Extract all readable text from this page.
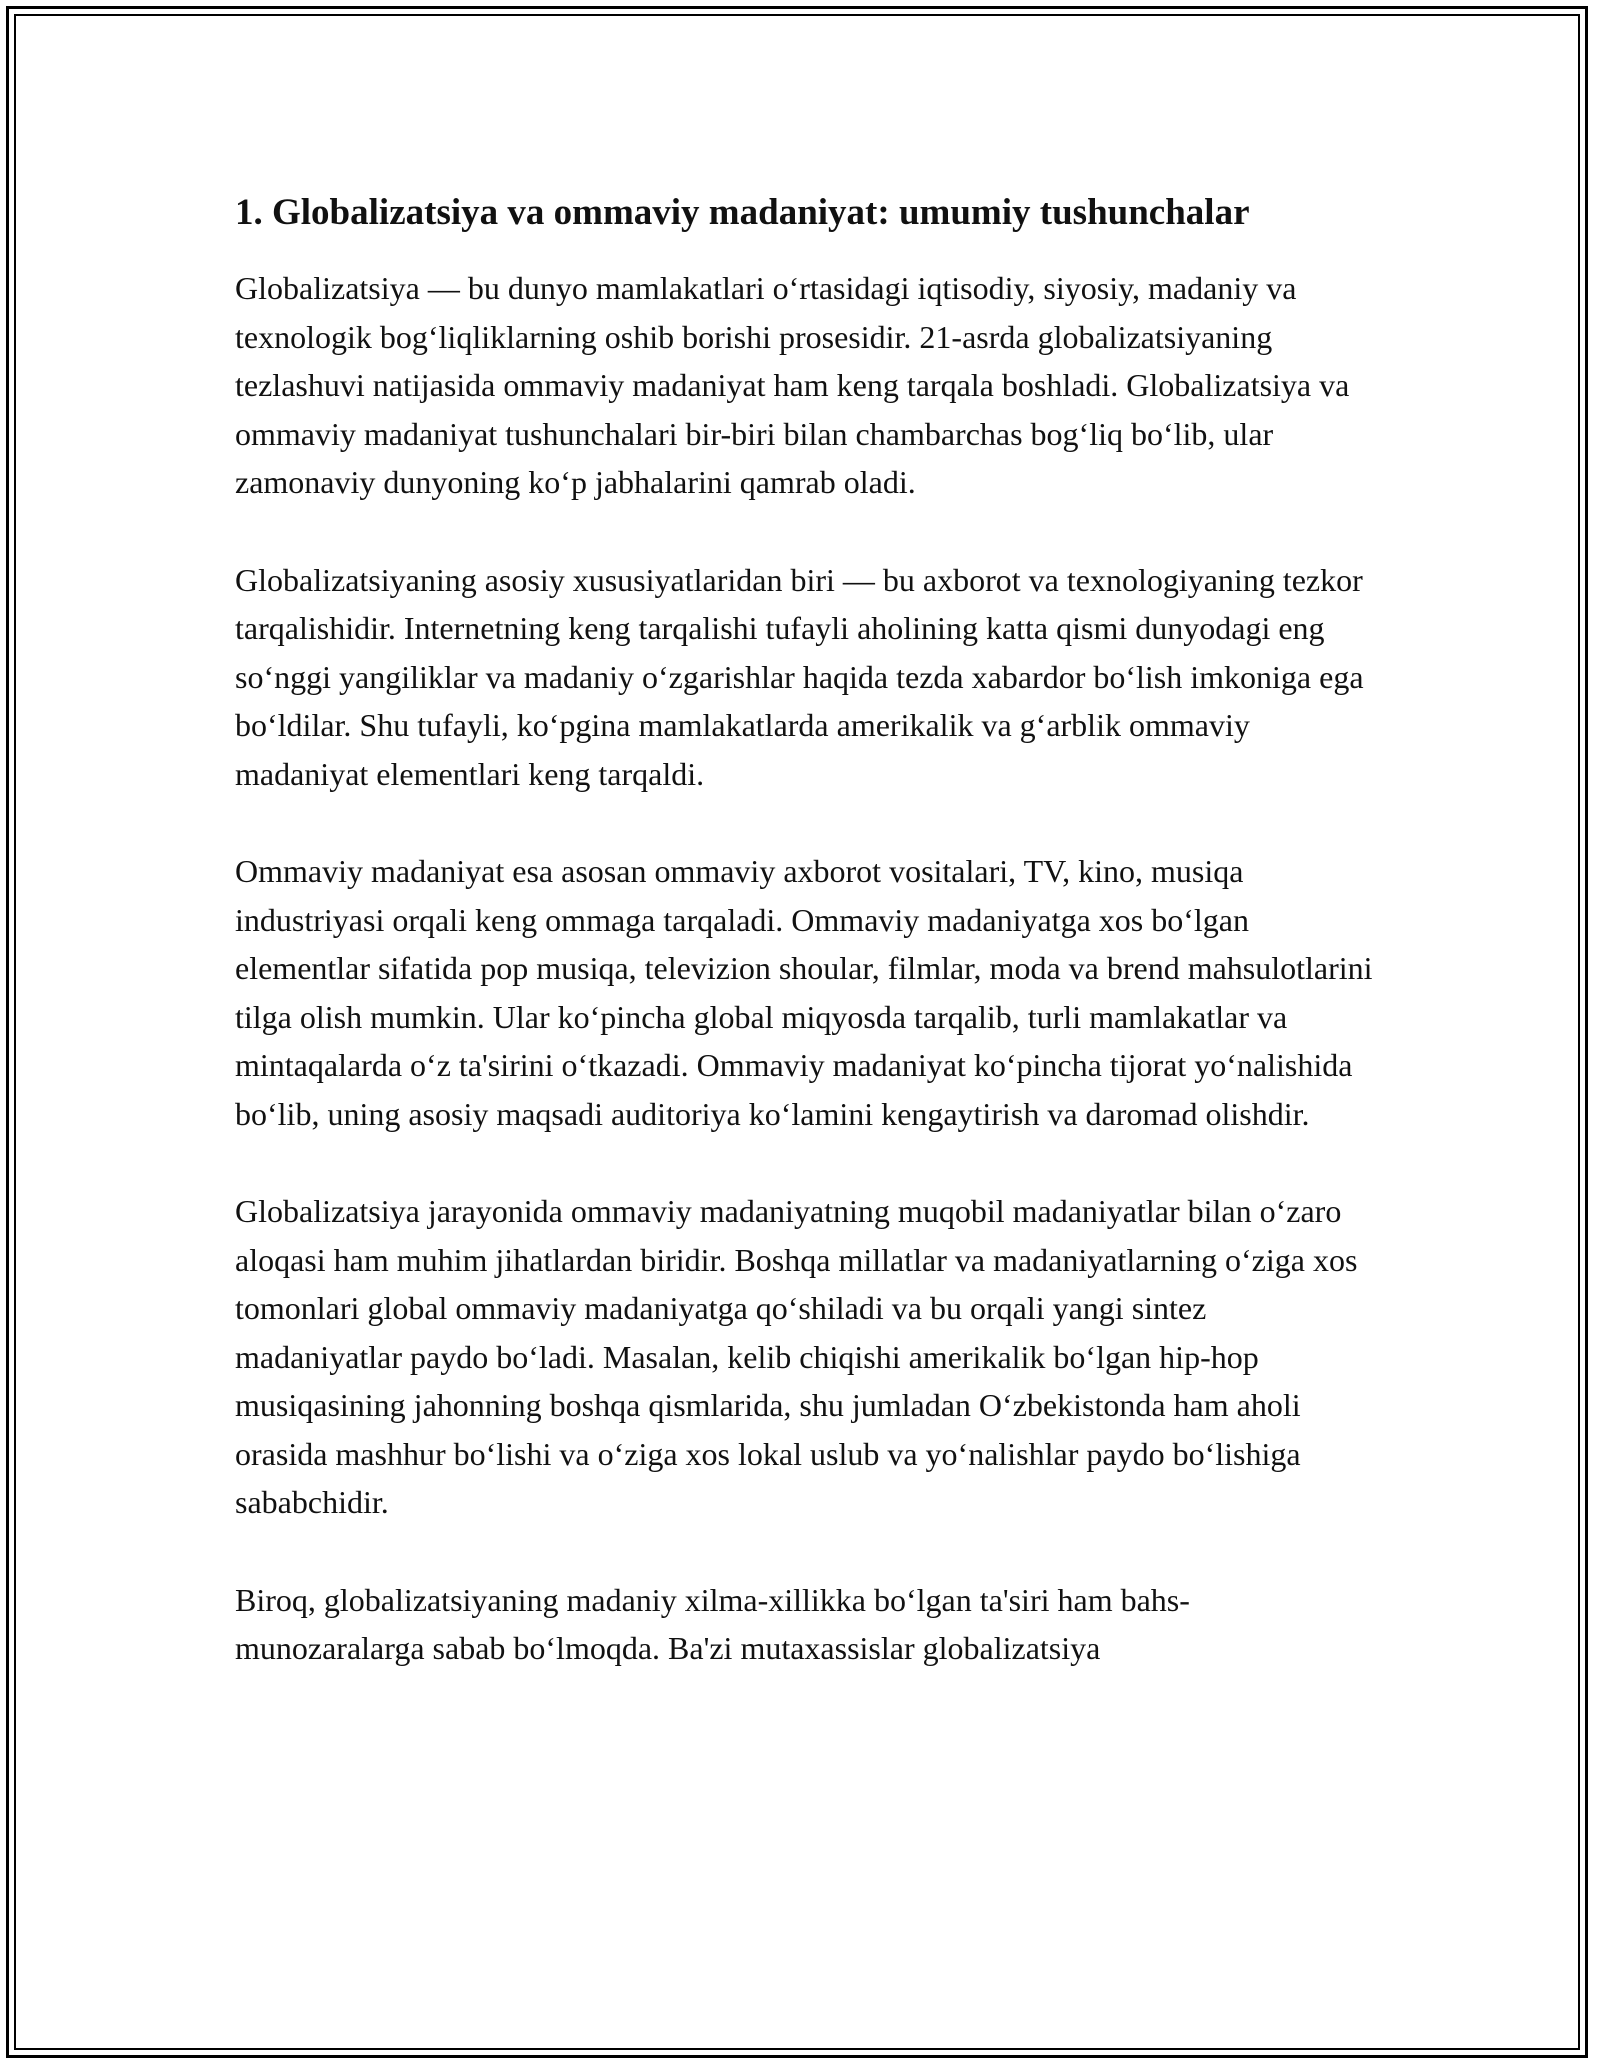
1. Globalizatsiya va ommaviy madaniyat: umumiy tushunchalar

Globalizatsiya — bu dunyo mamlakatlari o‘rtasidagi iqtisodiy, siyosiy, madaniy va texnologik bog‘liqliklarning oshib borishi prosesidir. 21-asrda globalizatsiyaning tezlashuvi natijasida ommaviy madaniyat ham keng tarqala boshladi. Globalizatsiya va ommaviy madaniyat tushunchalari bir-biri bilan chambarchas bog‘liq bo‘lib, ular zamonaviy dunyoning ko‘p jabhalarini qamrab oladi.

Globalizatsiyaning asosiy xususiyatlaridan biri — bu axborot va texnologiyaning tezkor tarqalishidir. Internetning keng tarqalishi tufayli aholining katta qismi dunyodagi eng so‘nggi yangiliklar va madaniy o‘zgarishlar haqida tezda xabardor bo‘lish imkoniga ega bo‘ldilar. Shu tufayli, ko‘pgina mamlakatlarda amerikalik va g‘arblik ommaviy madaniyat elementlari keng tarqaldi.

Ommaviy madaniyat esa asosan ommaviy axborot vositalari, TV, kino, musiqa industriyasi orqali keng ommaga tarqaladi. Ommaviy madaniyatga xos bo‘lgan elementlar sifatida pop musiqa, televizion shoular, filmlar, moda va brend mahsulotlarini tilga olish mumkin. Ular ko‘pincha global miqyosda tarqalib, turli mamlakatlar va mintaqalarda o‘z ta'sirini o‘tkazadi. Ommaviy madaniyat ko‘pincha tijorat yo‘nalishida bo‘lib, uning asosiy maqsadi auditoriya ko‘lamini kengaytirish va daromad olishdir.

Globalizatsiya jarayonida ommaviy madaniyatning muqobil madaniyatlar bilan o‘zaro aloqasi ham muhim jihatlardan biridir. Boshqa millatlar va madaniyatlarning o‘ziga xos tomonlari global ommaviy madaniyatga qo‘shiladi va bu orqali yangi sintez madaniyatlar paydo bo‘ladi. Masalan, kelib chiqishi amerikalik bo‘lgan hip-hop musiqasining jahonning boshqa qismlarida, shu jumladan O‘zbekistonda ham aholi orasida mashhur bo‘lishi va o‘ziga xos lokal uslub va yo‘nalishlar paydo bo‘lishiga sababchidir.

Biroq, globalizatsiyaning madaniy xilma-xillikka bo‘lgan ta'siri ham bahs-munozaralarga sabab bo‘lmoqda. Ba'zi mutaxassislar globalizatsiya
